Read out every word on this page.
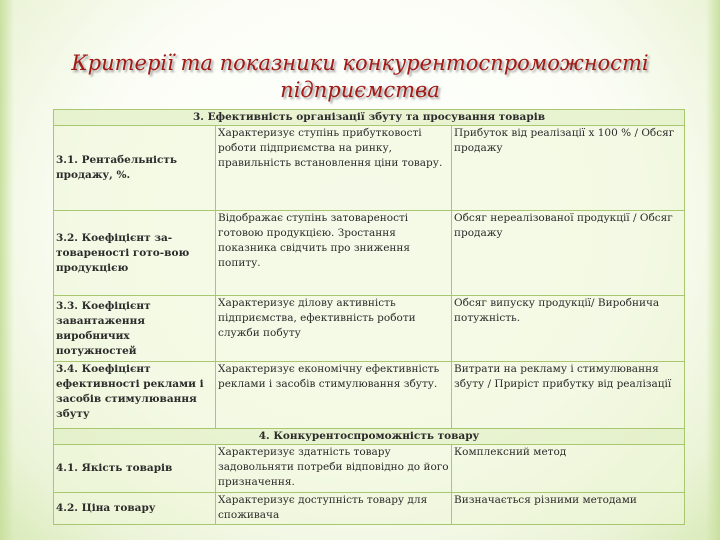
Критерії та показники конкурентоспроможності підприємства
3. Ефективність організації збуту та просування товарів		
3.1. Рентабельність продажу, %.	Характеризує ступінь прибутковості роботи підприємства на ринку, правильність встановлення ціни товару.	Прибуток від реалізації x 100 % / Обсяг продажу
3.2. Коефіцієнт за-товареності гото-вою продукцією	Відображає ступінь затовареності готовою продукцією. Зростання показника свідчить про зниження попиту.	Обсяг нереалізованої продукції / Обсяг продажу
3.3. Коефіцієнт завантаження виробничих потужностей	Характеризує ділову активність підприємства, ефективність роботи служби побуту	Обсяг випуску продукції/ Виробнича потужність.
3.4. Коефіцієнт ефективності реклами і засобів стимулювання збуту	Характеризує економічну ефективність реклами і засобів стимулювання збуту.	Витрати на рекламу і стимулювання збуту / Приріст прибутку від реалізації
4. Конкурентоспроможність товару		
4.1. Якість товарів	Характеризує здатність товару задовольняти потреби відповідно до його призначення.	Комплексний метод
4.2. Ціна товару	Характеризує доступність товару для споживача	Визначається різними методами
